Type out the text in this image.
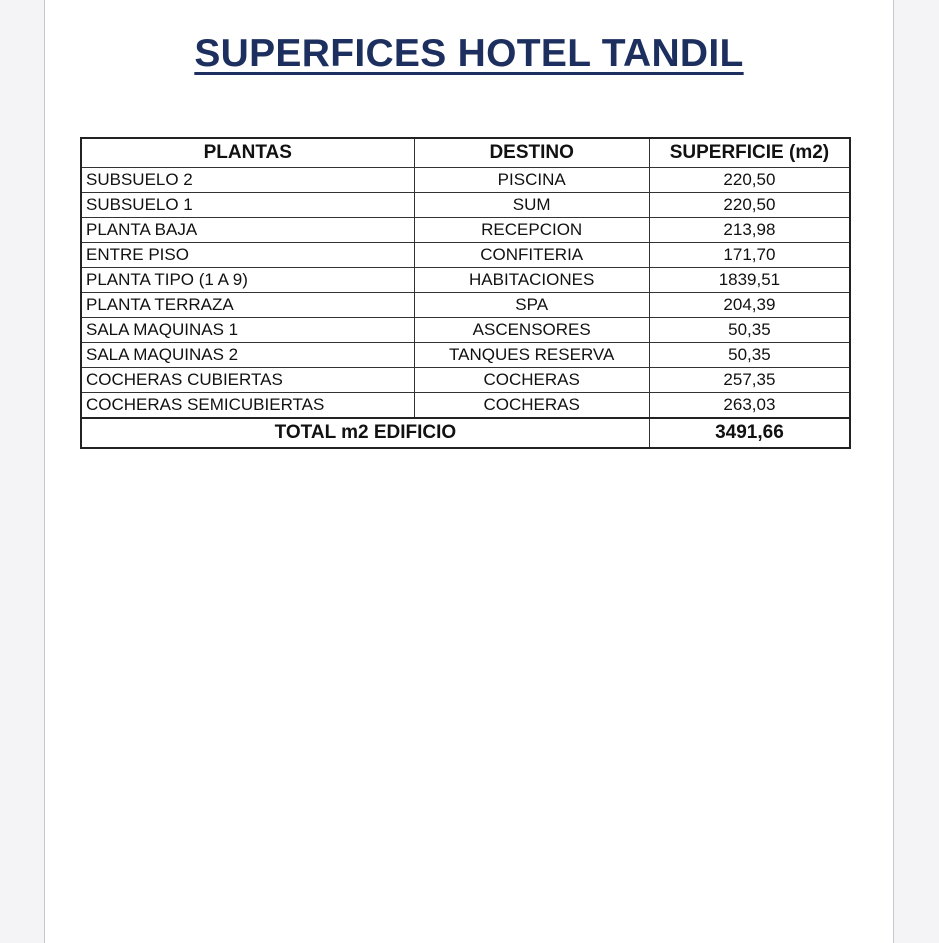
SUPERFICES HOTEL TANDIL
PLANTAS	DESTINO	SUPERFICIE (m2)
SUBSUELO 2	PISCINA	220,50
SUBSUELO 1	SUM	220,50
PLANTA BAJA	RECEPCION	213,98
ENTRE PISO	CONFITERIA	171,70
PLANTA TIPO (1 A 9)	HABITACIONES	1839,51
PLANTA TERRAZA	SPA	204,39
SALA MAQUINAS 1	ASCENSORES	50,35
SALA MAQUINAS 2	TANQUES RESERVA	50,35
COCHERAS CUBIERTAS	COCHERAS	257,35
COCHERAS SEMICUBIERTAS	COCHERAS	263,03
TOTAL m2 EDIFICIO		3491,66
